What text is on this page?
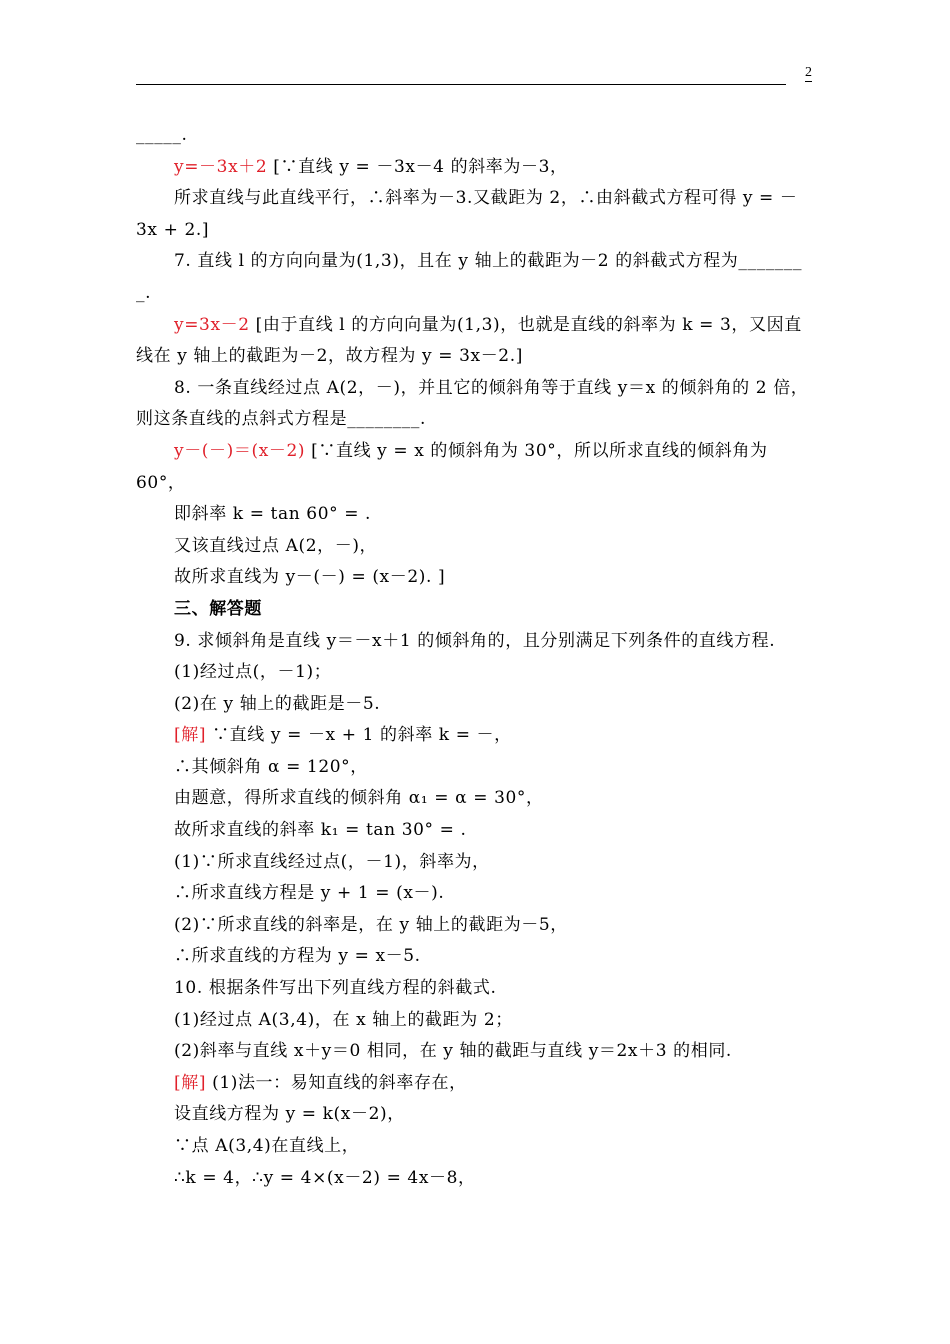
2
_____.
y=－3x＋2 [∵直线 y = －3x－4 的斜率为－3，
所求直线与此直线平行，∴斜率为－3.又截距为 2，∴由斜截式方程可得 y = －
3x + 2.]
7. 直线 l 的方向向量为(1,3)，且在 y 轴上的截距为－2 的斜截式方程为_______
_.
y=3x－2 [由于直线 l 的方向向量为(1,3)，也就是直线的斜率为 k = 3，又因直
线在 y 轴上的截距为－2，故方程为 y = 3x－2.]
8. 一条直线经过点 A(2，－)，并且它的倾斜角等于直线 y＝x 的倾斜角的 2 倍，
则这条直线的点斜式方程是________.
y－(－)＝(x－2) [∵直线 y = x 的倾斜角为 30°，所以所求直线的倾斜角为
60°，
即斜率 k = tan 60° = .
又该直线过点 A(2，－)，
故所求直线为 y－(－) = (x－2). ]
三、解答题
9. 求倾斜角是直线 y＝－x＋1 的倾斜角的，且分别满足下列条件的直线方程.
(1)经过点(，－1)；
(2)在 y 轴上的截距是－5.
[解] ∵直线 y = －x + 1 的斜率 k = －，
∴其倾斜角 α = 120°，
由题意，得所求直线的倾斜角 α₁ = α = 30°，
故所求直线的斜率 k₁ = tan 30° = .
(1)∵所求直线经过点(，－1)，斜率为，
∴所求直线方程是 y + 1 = (x－).
(2)∵所求直线的斜率是，在 y 轴上的截距为－5，
∴所求直线的方程为 y = x－5.
10. 根据条件写出下列直线方程的斜截式.
(1)经过点 A(3,4)，在 x 轴上的截距为 2；
(2)斜率与直线 x＋y＝0 相同，在 y 轴的截距与直线 y＝2x＋3 的相同.
[解] (1)法一：易知直线的斜率存在，
设直线方程为 y = k(x－2)，
∵点 A(3,4)在直线上，
∴k = 4，∴y = 4×(x－2) = 4x－8，
